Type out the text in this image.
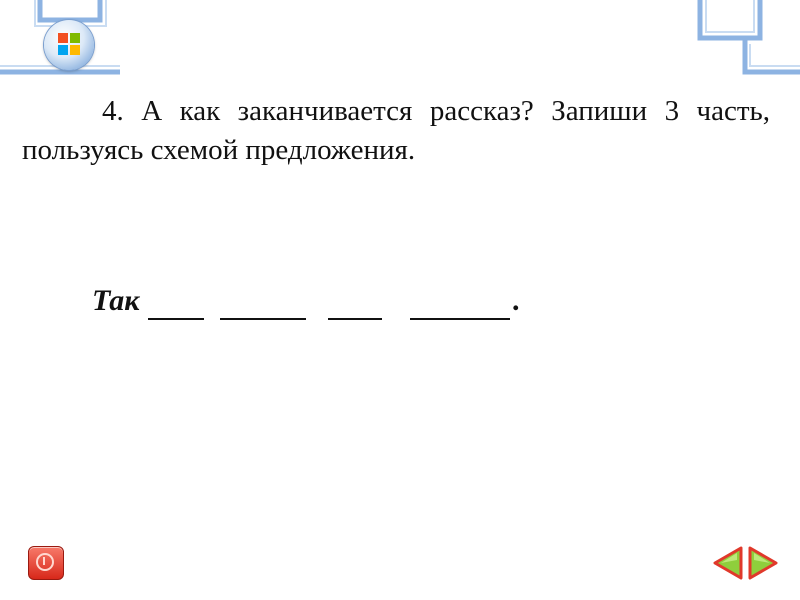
4. А как заканчивается рассказ? Запиши 3 часть, пользуясь схемой предложения.

Так	.
